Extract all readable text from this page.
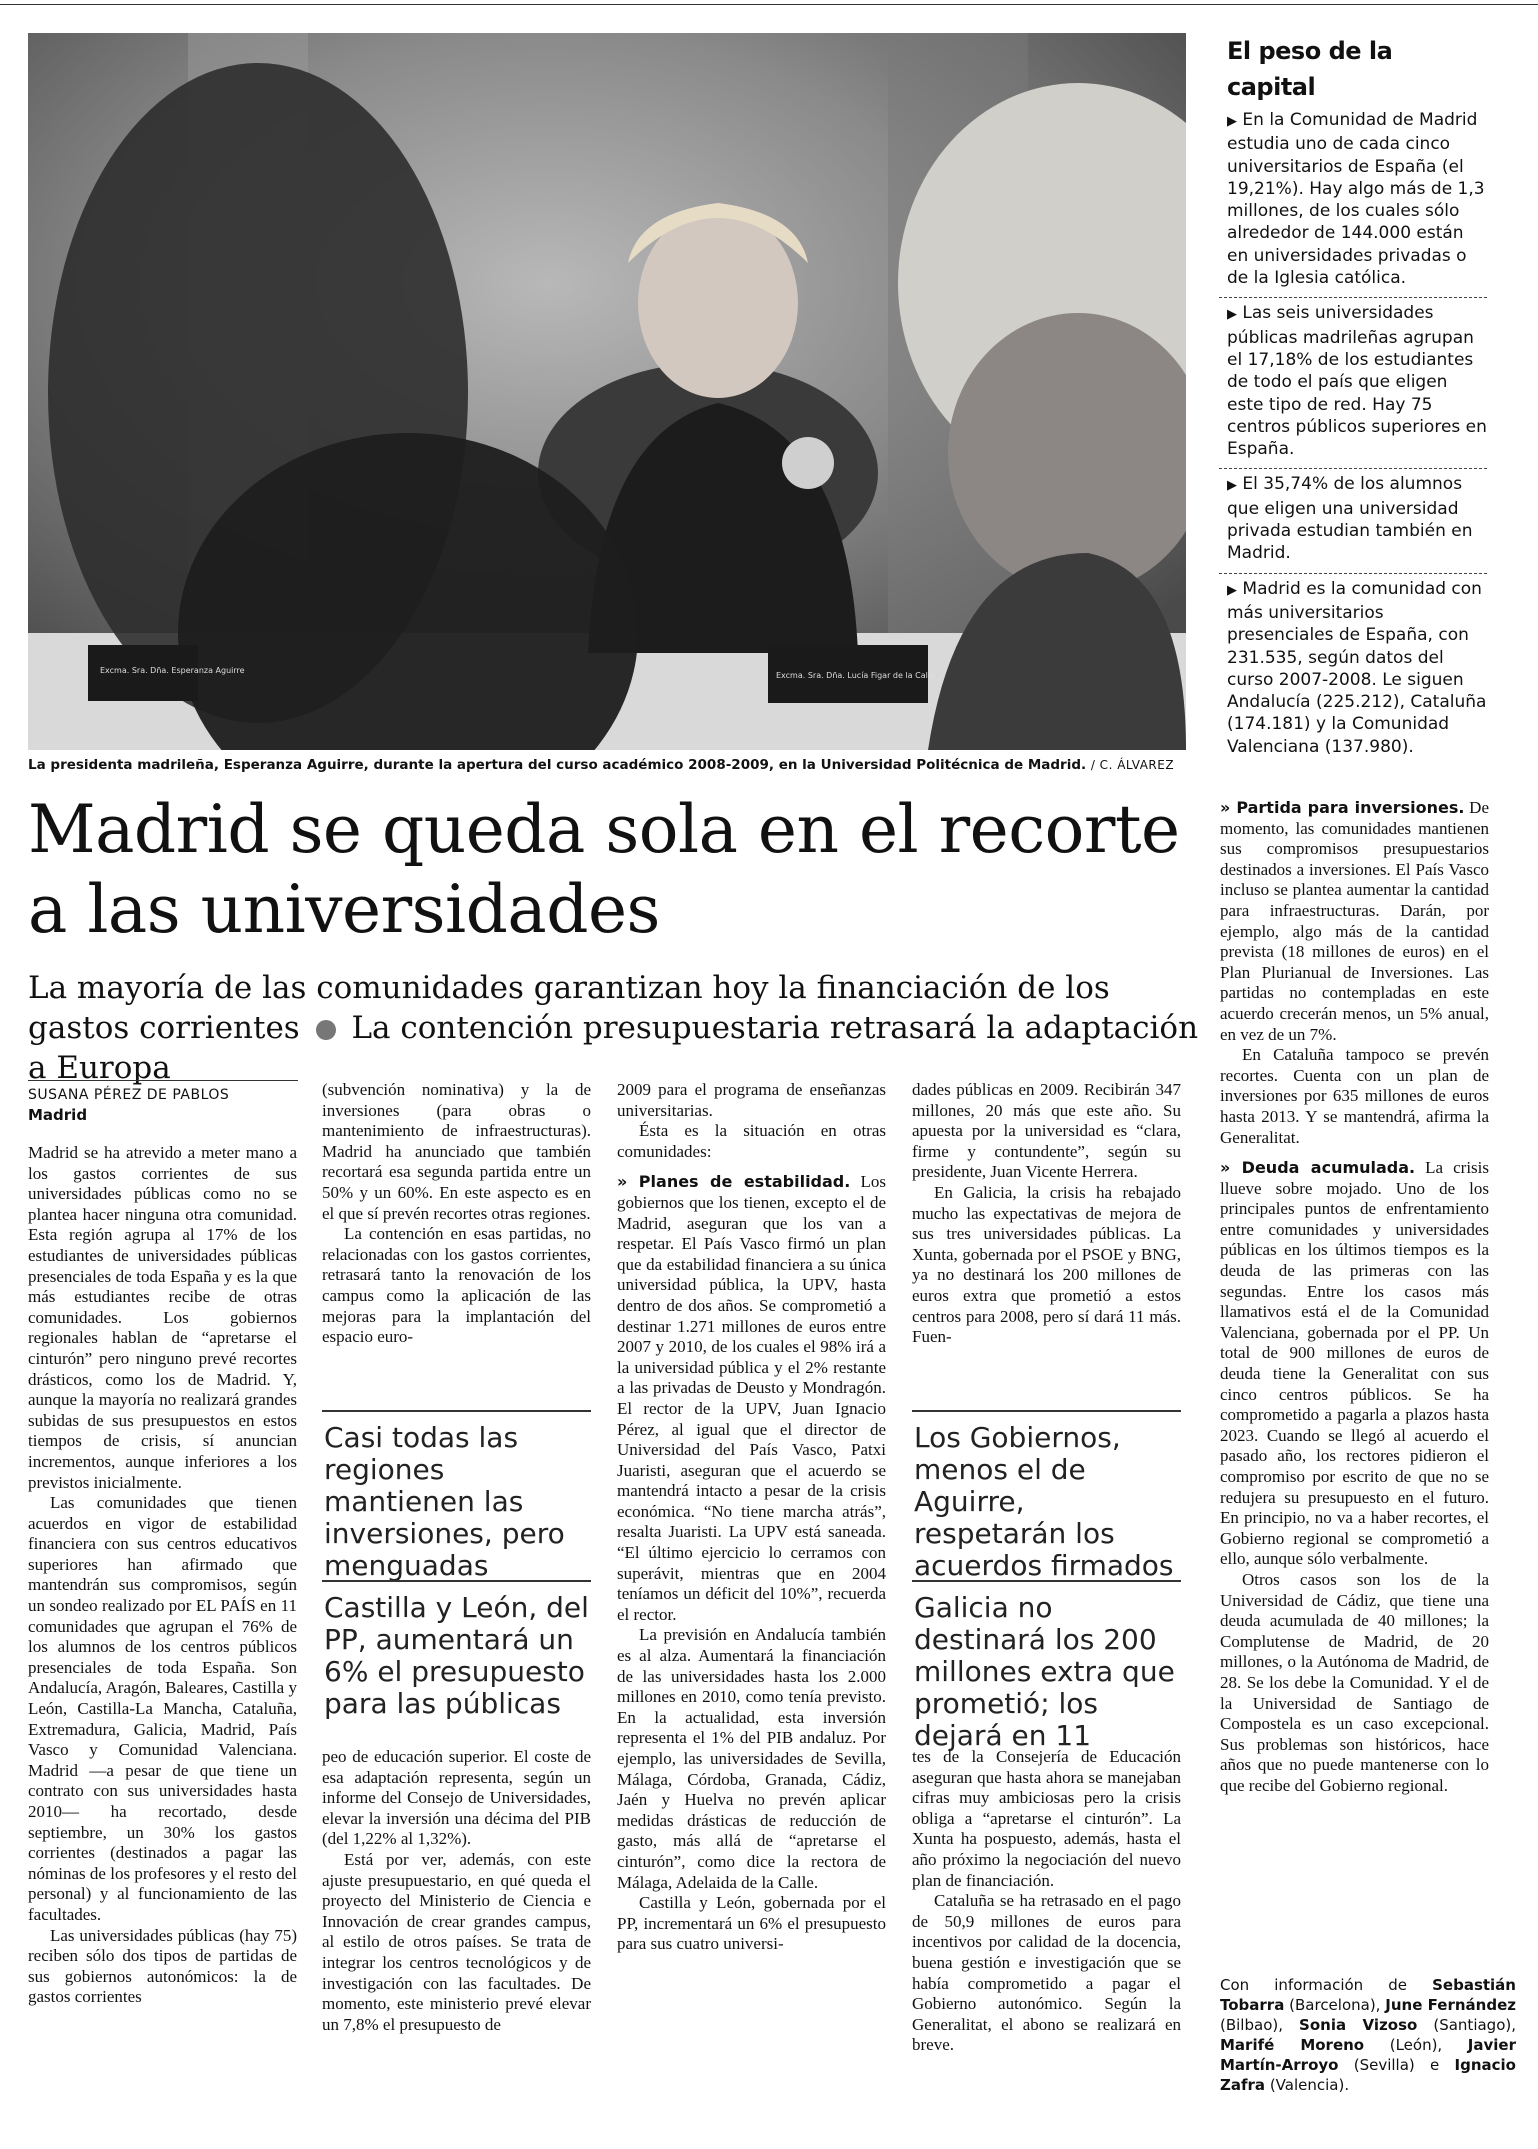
Excma. Sra. Dña. Esperanza Aguirre
Excma. Sra. Dña. Lucía Figar de la Calle
La presidenta madrileña, Esperanza Aguirre, durante la apertura del curso académico 2008-2009, en la Universidad Politécnica de Madrid. / C. ÁLVAREZ
El peso de la capital
▶ En la Comunidad de Madrid estudia uno de cada cinco universitarios de España (el 19,21%). Hay algo más de 1,3 millones, de los cuales sólo alrededor de 144.000 están en universidades privadas o de la Iglesia católica.
▶ Las seis universidades públicas madrileñas agrupan el 17,18% de los estudiantes de todo el país que eligen este tipo de red. Hay 75 centros públicos superiores en España.
▶ El 35,74% de los alumnos que eligen una universidad privada estudian también en Madrid.
▶ Madrid es la comunidad con más universitarios presenciales de España, con 231.535, según datos del curso 2007-2008. Le siguen Andalucía (225.212), Cataluña (174.181) y la Comunidad Valenciana (137.980).
Madrid se queda sola en el recorte a las universidades
La mayoría de las comunidades garantizan hoy la financiación de los gastos corrientes La contención presupuestaria retrasará la adaptación a Europa
SUSANA PÉREZ DE PABLOS
Madrid

Madrid se ha atrevido a meter mano a los gastos corrientes de sus universidades públicas como no se plantea hacer ninguna otra comunidad. Esta región agrupa al 17% de los estudiantes de universidades públicas presenciales de toda España y es la que más estudiantes recibe de otras comunidades. Los gobiernos regionales hablan de “apretarse el cinturón” pero ninguno prevé recortes drásticos, como los de Madrid. Y, aunque la mayoría no realizará grandes subidas de sus presupuestos en estos tiempos de crisis, sí anuncian incrementos, aunque inferiores a los previstos inicialmente.

Las comunidades que tienen acuerdos en vigor de estabilidad financiera con sus centros educativos superiores han afirmado que mantendrán sus compromisos, según un sondeo realizado por EL PAÍS en 11 comunidades que agrupan el 76% de los alumnos de los centros públicos presenciales de toda España. Son Andalucía, Aragón, Baleares, Castilla y León, Castilla-La Mancha, Cataluña, Extremadura, Galicia, Madrid, País Vasco y Comunidad Valenciana. Madrid —a pesar de que tiene un contrato con sus universidades hasta 2010— ha recortado, desde septiembre, un 30% los gastos corrientes (destinados a pagar las nóminas de los profesores y el resto del personal) y al funcionamiento de las facultades.

Las universidades públicas (hay 75) reciben sólo dos tipos de partidas de sus gobiernos autonómicos: la de gastos corrientes

(subvención nominativa) y la de inversiones (para obras o mantenimiento de infraestructuras). Madrid ha anunciado que también recortará esa segunda partida entre un 50% y un 60%. En este aspecto es en el que sí prevén recortes otras regiones.

La contención en esas partidas, no relacionadas con los gastos corrientes, retrasará tanto la renovación de los campus como la aplicación de las mejoras para la implantación del espacio euro-

Casi todas las regiones mantienen las inversiones, pero menguadas
Castilla y León, del PP, aumentará un 6% el presupuesto para las públicas

peo de educación superior. El coste de esa adaptación representa, según un informe del Consejo de Universidades, elevar la inversión una décima del PIB (del 1,22% al 1,32%).

Está por ver, además, con este ajuste presupuestario, en qué queda el proyecto del Ministerio de Ciencia e Innovación de crear grandes campus, al estilo de otros países. Se trata de integrar los centros tecnológicos y de investigación con las facultades. De momento, este ministerio prevé elevar un 7,8% el presupuesto de

2009 para el programa de enseñanzas universitarias.

Ésta es la situación en otras comunidades:

» Planes de estabilidad. Los gobiernos que los tienen, excepto el de Madrid, aseguran que los van a respetar. El País Vasco firmó un plan que da estabilidad financiera a su única universidad pública, la UPV, hasta dentro de dos años. Se comprometió a destinar 1.271 millones de euros entre 2007 y 2010, de los cuales el 98% irá a la universidad pública y el 2% restante a las privadas de Deusto y Mondragón. El rector de la UPV, Juan Ignacio Pérez, al igual que el director de Universidad del País Vasco, Patxi Juaristi, aseguran que el acuerdo se mantendrá intacto a pesar de la crisis económica. “No tiene marcha atrás”, resalta Juaristi. La UPV está saneada. “El último ejercicio lo cerramos con superávit, mientras que en 2004 teníamos un déficit del 10%”, recuerda el rector.

La previsión en Andalucía también es al alza. Aumentará la financiación de las universidades hasta los 2.000 millones en 2010, como tenía previsto. En la actualidad, esta inversión representa el 1% del PIB andaluz. Por ejemplo, las universidades de Sevilla, Málaga, Córdoba, Granada, Cádiz, Jaén y Huelva no prevén aplicar medidas drásticas de reducción de gasto, más allá de “apretarse el cinturón”, como dice la rectora de Málaga, Adelaida de la Calle.

Castilla y León, gobernada por el PP, incrementará un 6% el presupuesto para sus cuatro universi-

dades públicas en 2009. Recibirán 347 millones, 20 más que este año. Su apuesta por la universidad es “clara, firme y contundente”, según su presidente, Juan Vicente Herrera.

En Galicia, la crisis ha rebajado mucho las expectativas de mejora de sus tres universidades públicas. La Xunta, gobernada por el PSOE y BNG, ya no destinará los 200 millones de euros extra que prometió a estos centros para 2008, pero sí dará 11 más. Fuen-

Los Gobiernos, menos el de Aguirre, respetarán los acuerdos firmados
Galicia no destinará los 200 millones extra que prometió; los dejará en 11

tes de la Consejería de Educación aseguran que hasta ahora se manejaban cifras muy ambiciosas pero la crisis obliga a “apretarse el cinturón”. La Xunta ha pospuesto, además, hasta el año próximo la negociación del nuevo plan de financiación.

Cataluña se ha retrasado en el pago de 50,9 millones de euros para incentivos por calidad de la docencia, buena gestión e investigación que se había comprometido a pagar el Gobierno autonómico. Según la Generalitat, el abono se realizará en breve.

» Partida para inversiones. De momento, las comunidades mantienen sus compromisos presupuestarios destinados a inversiones. El País Vasco incluso se plantea aumentar la cantidad para infraestructuras. Darán, por ejemplo, algo más de la cantidad prevista (18 millones de euros) en el Plan Plurianual de Inversiones. Las partidas no contempladas en este acuerdo crecerán menos, un 5% anual, en vez de un 7%.

En Cataluña tampoco se prevén recortes. Cuenta con un plan de inversiones por 635 millones de euros hasta 2013. Y se mantendrá, afirma la Generalitat.

» Deuda acumulada. La crisis llueve sobre mojado. Uno de los principales puntos de enfrentamiento entre comunidades y universidades públicas en los últimos tiempos es la deuda de las primeras con las segundas. Entre los casos más llamativos está el de la Comunidad Valenciana, gobernada por el PP. Un total de 900 millones de euros de deuda tiene la Generalitat con sus cinco centros públicos. Se ha comprometido a pagarla a plazos hasta 2023. Cuando se llegó al acuerdo el pasado año, los rectores pidieron el compromiso por escrito de que no se redujera su presupuesto en el futuro. En principio, no va a haber recortes, el Gobierno regional se comprometió a ello, aunque sólo verbalmente.

Otros casos son los de la Universidad de Cádiz, que tiene una deuda acumulada de 40 millones; la Complutense de Madrid, de 20 millones, o la Autónoma de Madrid, de 28. Se los debe la Comunidad. Y el de la Universidad de Santiago de Compostela es un caso excepcional. Sus problemas son históricos, hace años que no puede mantenerse con lo que recibe del Gobierno regional.

Con información de Sebastián Tobarra (Barcelona), June Fernández (Bilbao), Sonia Vizoso (Santiago), Marifé Moreno (León), Javier Martín-Arroyo (Sevilla) e Ignacio Zafra (Valencia).
